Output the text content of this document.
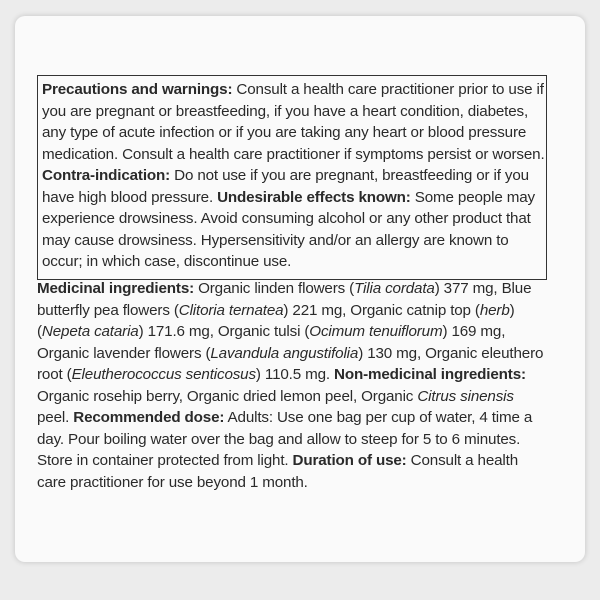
Precautions and warnings: Consult a health care practitioner prior to use if you are pregnant or breastfeeding, if you have a heart condition, diabetes, any type of acute infection or if you are taking any heart or blood pressure medication. Consult a health care practitioner if symptoms persist or worsen. Contra-indication: Do not use if you are pregnant, breastfeeding or if you have high blood pressure. Undesirable effects known: Some people may experience drowsiness. Avoid consuming alcohol or any other product that may cause drowsiness. Hypersensitivity and/or an allergy are known to occur; in which case, discontinue use.

Medicinal ingredients: Organic linden flowers (Tilia cordata) 377 mg, Blue butterfly pea flowers (Clitoria ternatea) 221 mg, Organic catnip top (herb) (Nepeta cataria) 171.6 mg, Organic tulsi (Ocimum tenuiflorum) 169 mg, Organic lavender flowers (Lavandula angustifolia) 130 mg, Organic eleuthero root (Eleutherococcus senticosus) 110.5 mg. Non-medicinal ingredients: Organic rosehip berry, Organic dried lemon peel, Organic Citrus sinensis peel. Recommended dose: Adults: Use one bag per cup of water, 4 time a day. Pour boiling water over the bag and allow to steep for 5 to 6 minutes. Store in container protected from light. Duration of use: Consult a health care practitioner for use beyond 1 month.
